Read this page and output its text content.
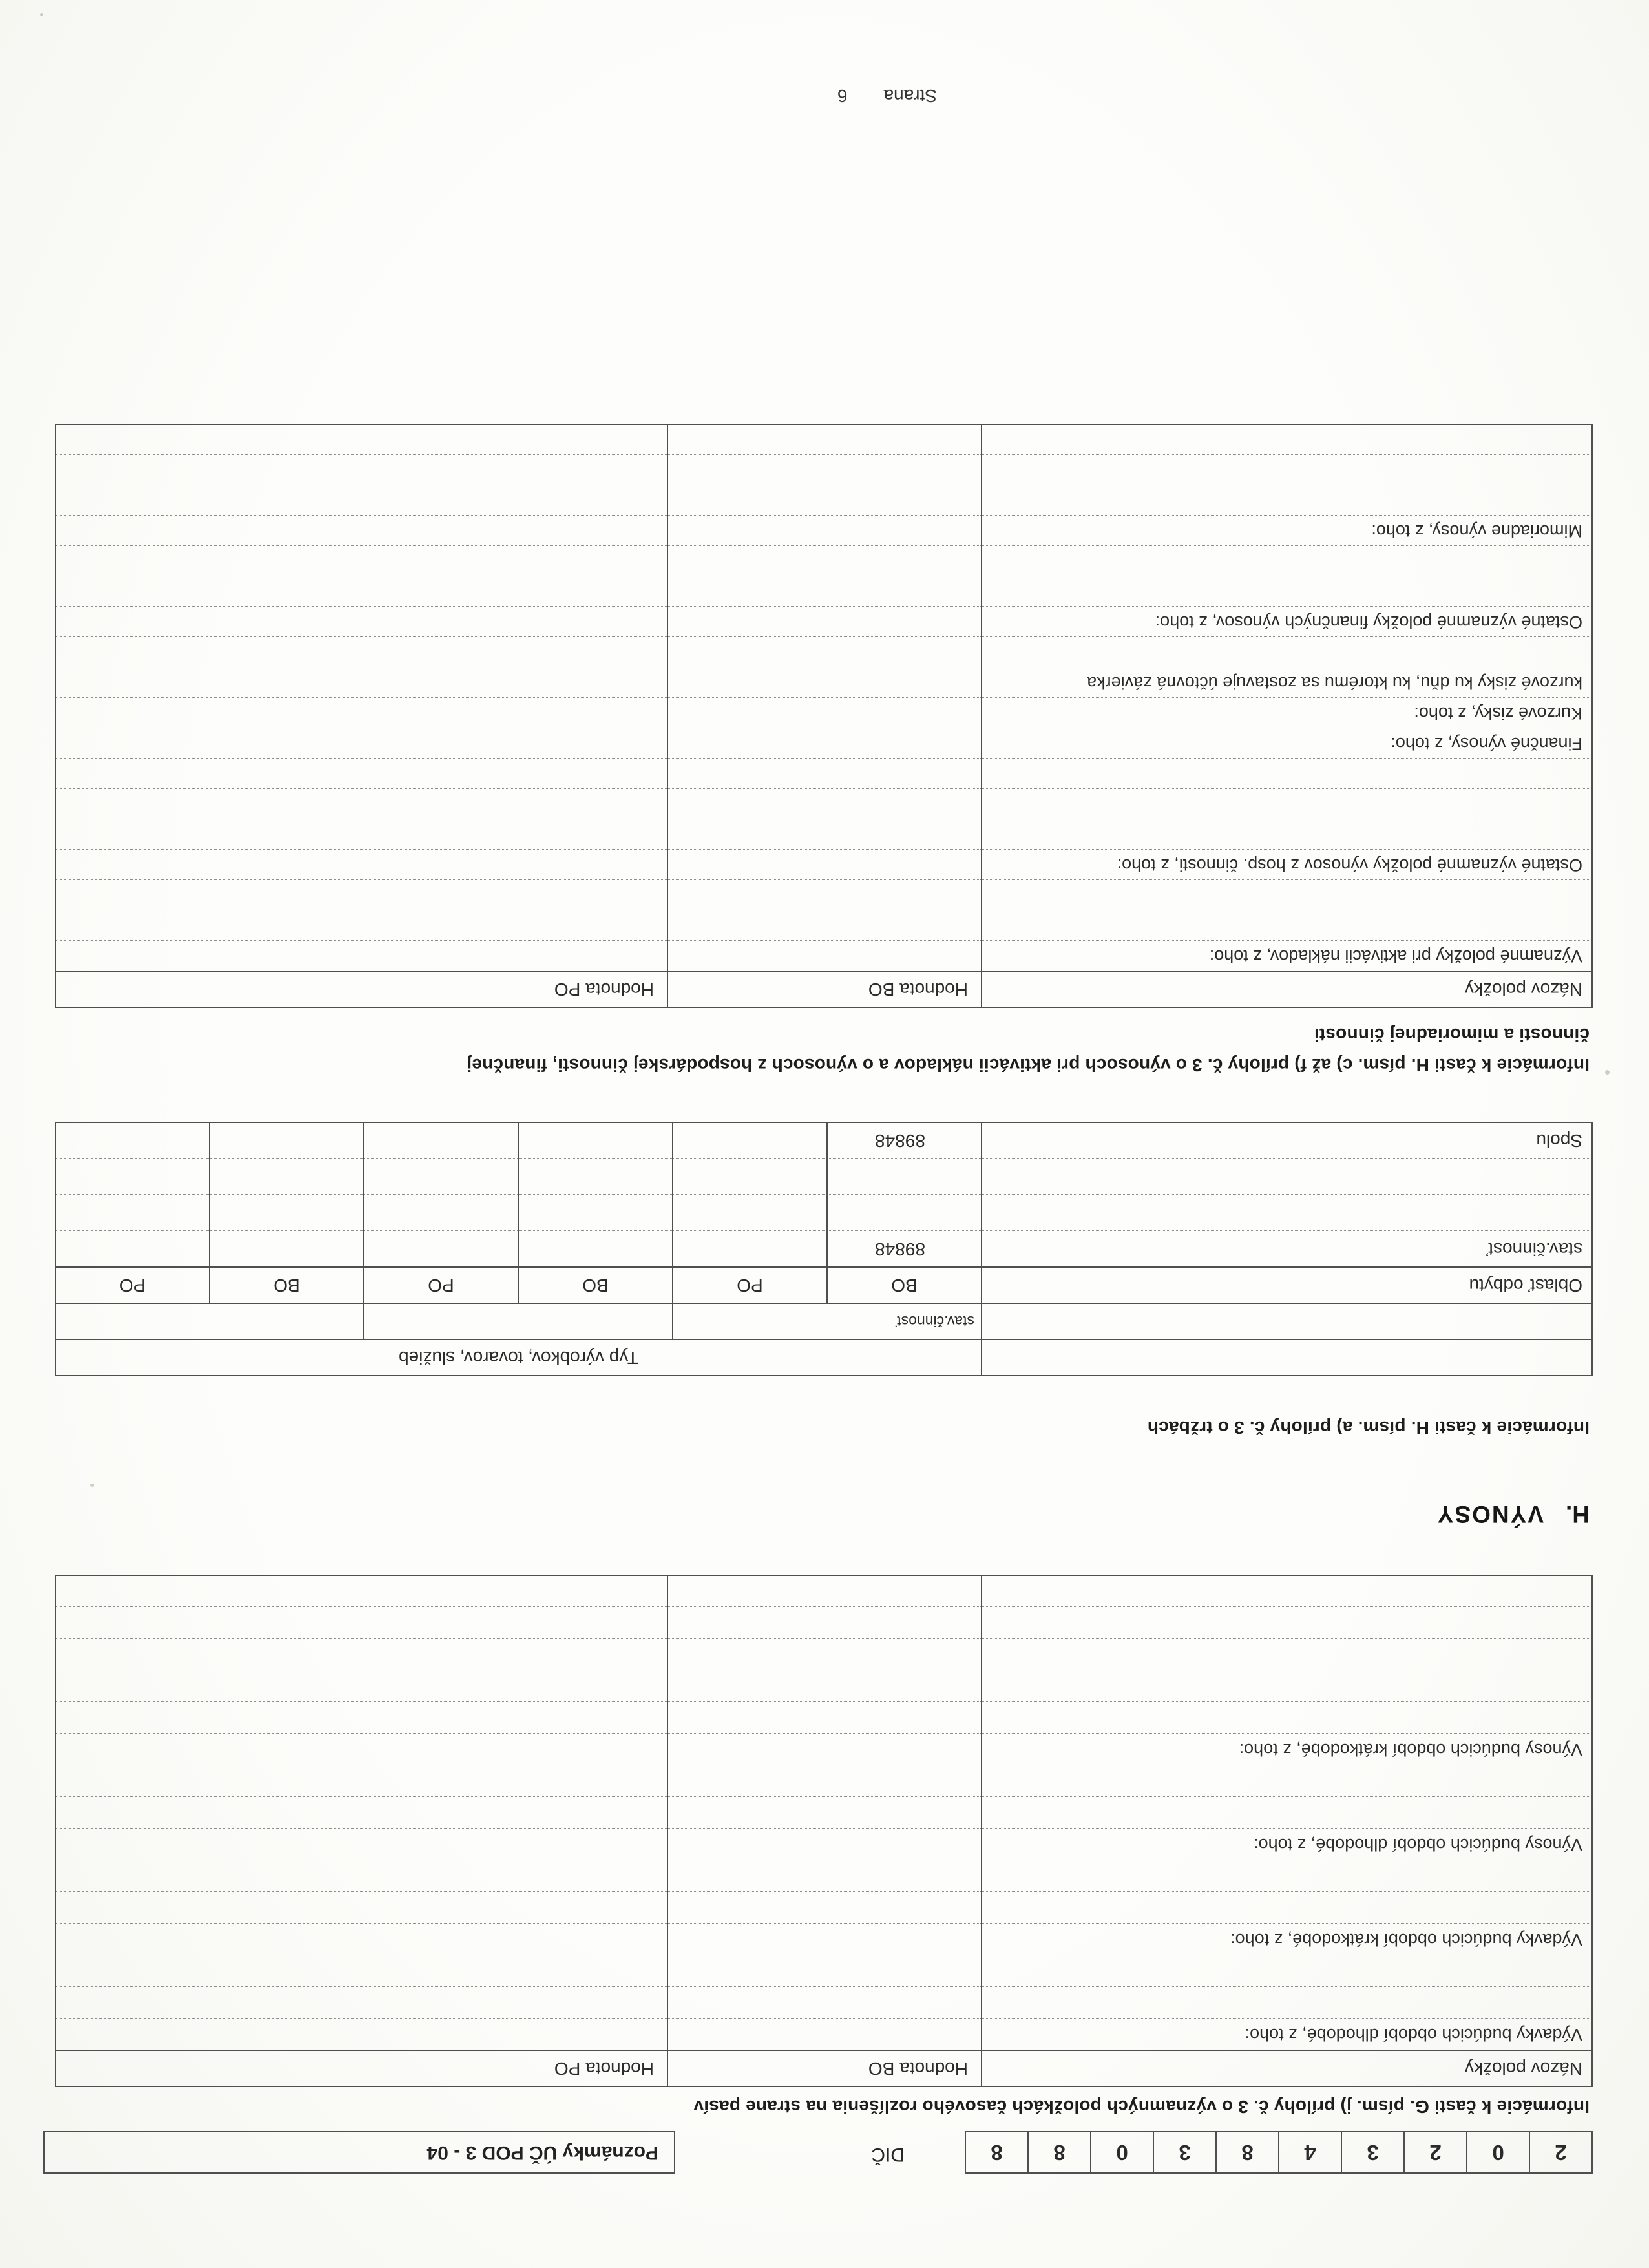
2
0
2
3
4
8
3
0
8
8
DIČ
Poznámky ÚČ POD 3 - 04
Informácie k časti G. písm. j) prílohy č. 3 o významných položkách časového rozlíšenia na strane pasív
Názov položky	Hodnota BO	Hodnota PO
Výdavky budúcich období dlhodobé, z toho:		

Výdavky budúcich období krátkodobé, z toho:		

Výnosy budúcich období dlhodobé, z toho:		

Výnosy budúcich období krátkodobé, z toho:		

H.VÝNOSY
Informácie k časti H. písm. a) prílohy č. 3 o tržbách
	Typ výrobkov, tovarov, služieb					
	stav.činnosť					
Oblasť odbytu	BO	PO	BO	PO	BO	PO
stav.činnosť	89848					

Spolu	89848					
Informácie k časti H. písm. c) až f) prílohy č. 3 o výnosoch pri aktivácii nákladov a o výnosoch z hospodárskej činnosti, finančnej
činnosti a mimoriadnej činnosti
Názov položky	Hodnota BO	Hodnota PO
Významné položky pri aktivácii nákladov, z toho:		

Ostatné významné položky výnosov z hosp. činnosti, z toho:		

Finančné výnosy, z toho:		
Kurzové zisky, z toho:		
kurzové zisky ku dňu, ku ktorému sa zostavuje účtovná závierka		

Ostatné významné položky finančných výnosov, z toho:		

Mimoriadne výnosy, z toho:		

Strana6
